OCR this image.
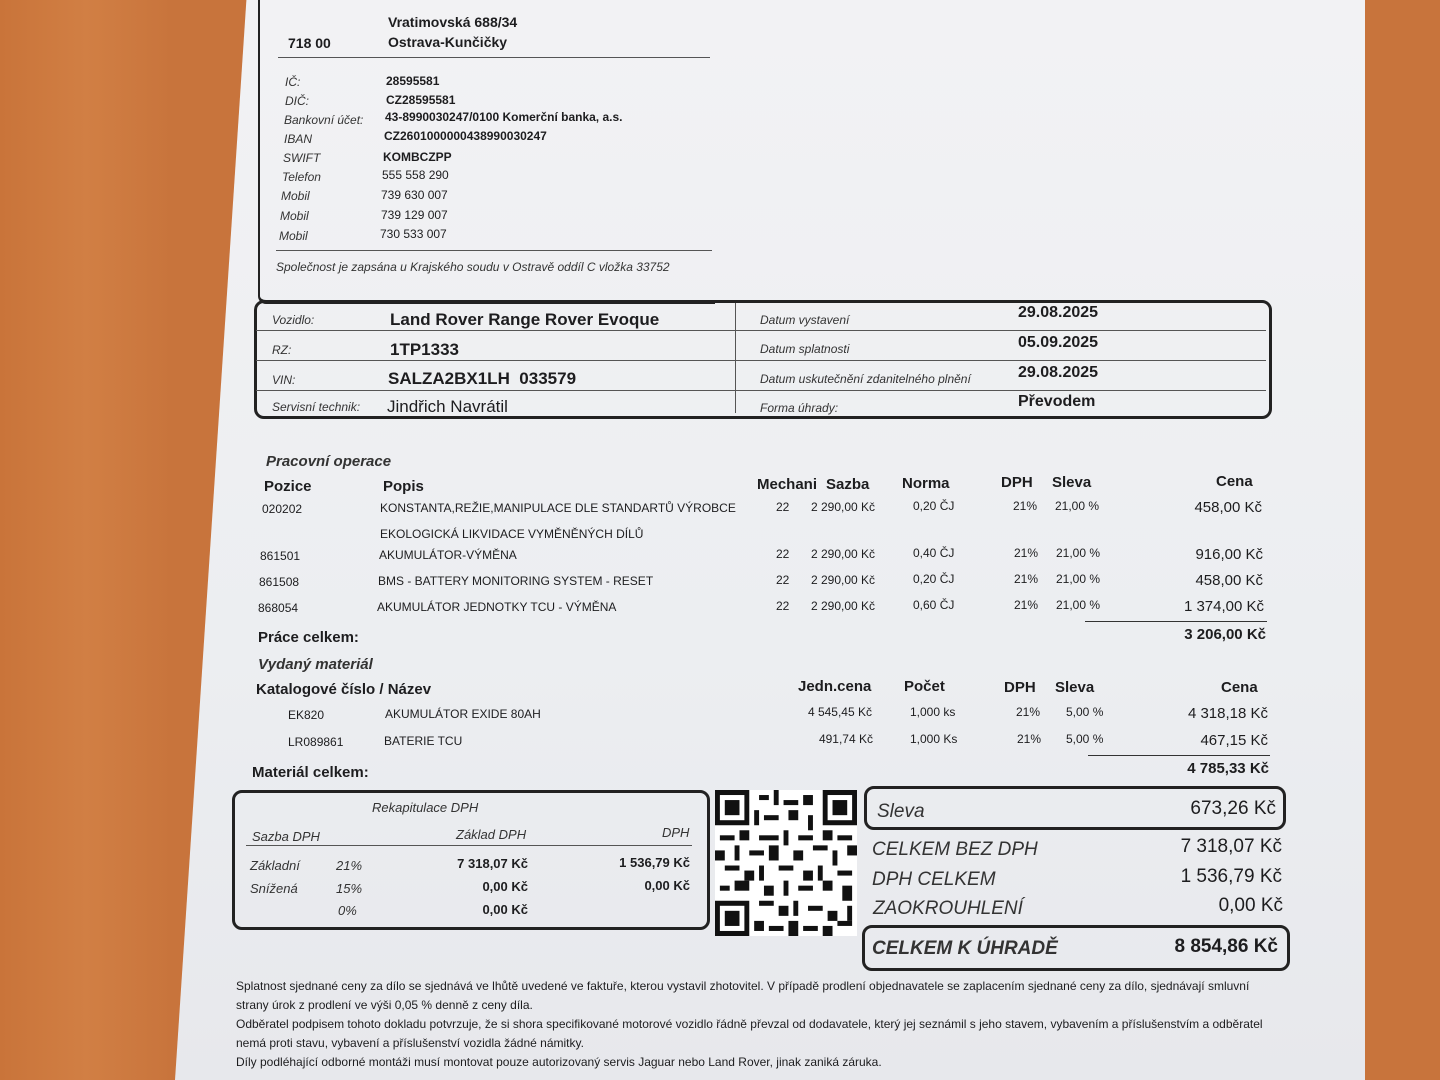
Vratimovská 688/34
718 00	Ostrava-Kunčičky
IČ:	28595581
DIČ:	CZ28595581
Bankovní účet: 43-8990030247/0100 Komerční banka, a.s.
IBAN	CZ2601000000438990030247
SWIFT	KOMBCZPP
Telefon	555 558 290
Mobil	739 630 007
Mobil	739 129 007
Mobil	730 533 007
Společnost je zapsána u Krajského soudu v Ostravě oddíl C vložka 33752
Vozidlo:	Land Rover Range Rover Evoque
RZ:	1TP1333
VIN:	SALZA2BX1LH  033579
Servisní technik: Jindřich Navrátil
Datum vystavení	29.08.2025
Datum splatnosti	05.09.2025
Datum uskutečnění zdanitelného plnění	29.08.2025
Forma úhrady:	Převodem
Pracovní operace
Pozice	Popis	Mechani Sazba Norma	DPH Sleva	Cena
020202	KONSTANTA,REŽIE,MANIPULACE DLE STANDARTŮ VÝROBCE	22 2 290,00 Kč	0,20 ČJ	21% 21,00 %	458,00 Kč
EKOLOGICKÁ LIKVIDACE VYMĚNĚNÝCH DÍLŮ
861501	AKUMULÁTOR-VÝMĚNA	22 2 290,00 Kč	0,40 ČJ	21% 21,00 %	916,00 Kč
861508	BMS - BATTERY MONITORING SYSTEM - RESET	22 2 290,00 Kč	0,20 ČJ	21% 21,00 %	458,00 Kč
868054	AKUMULÁTOR JEDNOTKY TCU - VÝMĚNA	22 2 290,00 Kč	0,60 ČJ	21% 21,00 %	1 374,00 Kč
Práce celkem:	3 206,00 Kč
Vydaný materiál
Katalogové číslo / Název	Jedn.cena Počet	DPH Sleva	Cena
EK820	AKUMULÁTOR EXIDE 80AH	4 545,45 Kč	1,000 ks	21% 5,00 %	4 318,18 Kč
LR089861	BATERIE TCU	491,74 Kč	1,000 Ks	21% 5,00 %	467,15 Kč
Materiál celkem:	4 785,33 Kč
Rekapitulace DPH
Sazba DPH	Základ DPH	DPH
Základní	21%	7 318,07 Kč	1 536,79 Kč
Snížená	15%	0,00 Kč	0,00 Kč
0%	0,00 Kč
Sleva	673,26 Kč
CELKEM BEZ DPH	7 318,07 Kč
DPH CELKEM	1 536,79 Kč
ZAOKROUHLENÍ	0,00 Kč
CELKEM K ÚHRADĚ	8 854,86 Kč
Splatnost sjednané ceny za dílo se sjednává ve lhůtě uvedené ve faktuře, kterou vystavil zhotovitel. V případě prodlení objednavatele se zaplacením sjednané ceny za dílo, sjednávají smluvní
strany úrok z prodlení ve výši 0,05 % denně z ceny díla.
Odběratel podpisem tohoto dokladu potvrzuje, že si shora specifikované motorové vozidlo řádně převzal od dodavatele, který jej seznámil s jeho stavem, vybavením a příslušenstvím a odběratel
nemá proti stavu, vybavení a příslušenství vozidla žádné námitky.
Díly podléhající odborné montáži musí montovat pouze autorizovaný servis Jaguar nebo Land Rover, jinak zaniká záruka.
